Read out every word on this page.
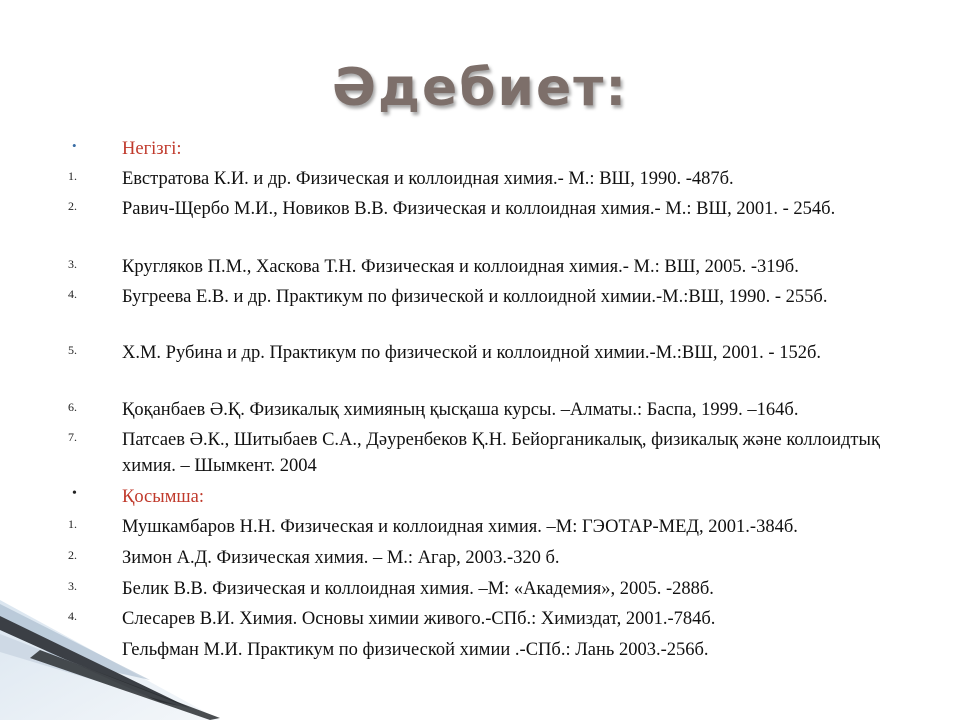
Әдебиет:
• Негізгі:
1. Евстратова К.И. и др. Физическая и коллоидная химия.- М.: ВШ, 1990. -487б.
2. Равич-Щербо М.И., Новиков В.В. Физическая и коллоидная химия.- М.: ВШ, 2001. - 254б.
3. Кругляков П.М., Хаскова Т.Н. Физическая и коллоидная химия.- М.: ВШ, 2005. -319б.
4. Бугреева Е.В. и др. Практикум по физической и коллоидной химии.-М.:ВШ, 1990. - 255б.
5. Х.М. Рубина и др. Практикум по физической и коллоидной химии.-М.:ВШ, 2001. - 152б.
6. Қоқанбаев Ә.Қ. Физикалық химияның қысқаша курсы. –Алматы.: Баспа, 1999. –164б.
7. Патсаев Ә.К., Шитыбаев С.А., Дәуренбеков Қ.Н. Бейорганикалық, физикалық және коллоидтық химия. – Шымкент. 2004
• Қосымша:
1. Мушкамбаров Н.Н. Физическая и коллоидная химия. –М: ГЭОТАР-МЕД, 2001.-384б.
2. Зимон А.Д. Физическая химия. – М.: Агар, 2003.-320 б.
3. Белик В.В. Физическая и коллоидная химия. –М: «Академия», 2005. -288б.
4. Слесарев В.И. Химия. Основы химии живого.-СПб.: Химиздат, 2001.-784б.
Гельфман М.И. Практикум по физической химии .-СПб.: Лань 2003.-256б.
